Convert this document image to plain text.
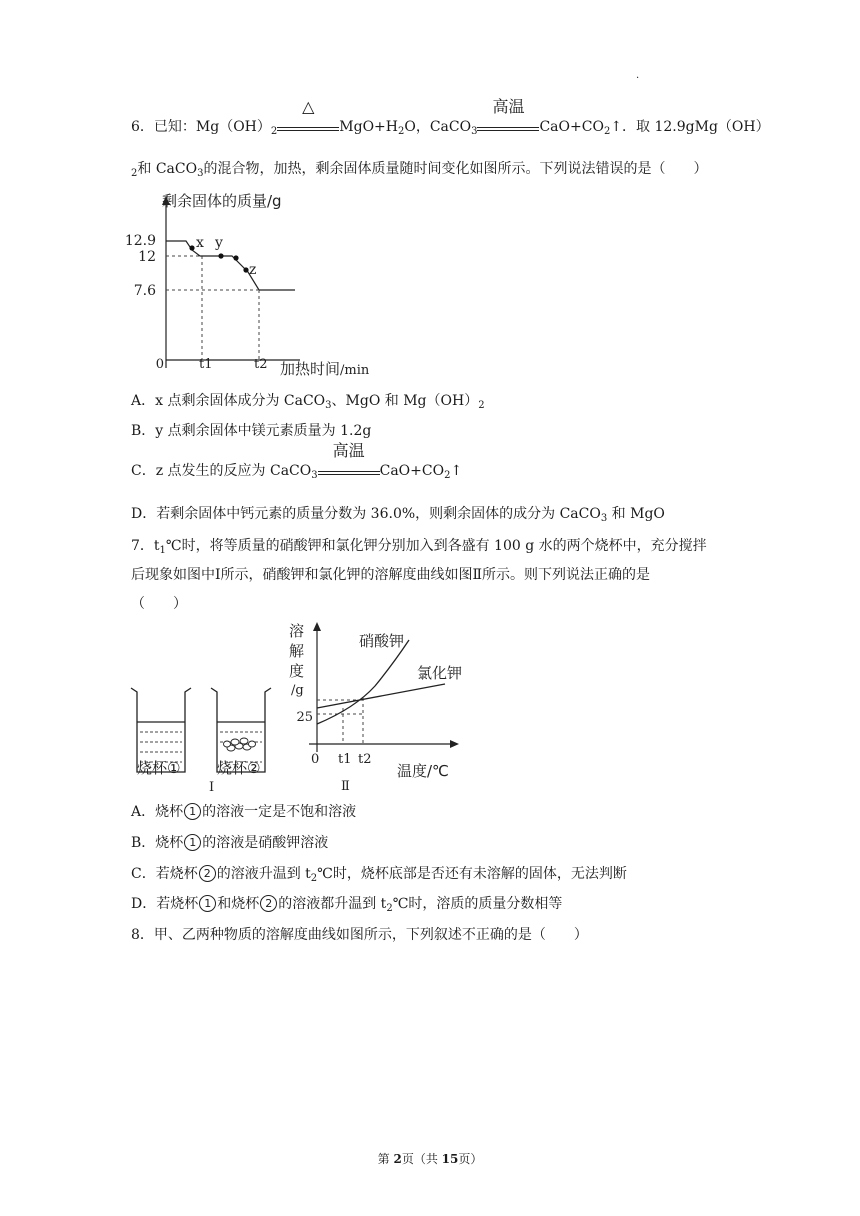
.
6．已知：$Mg(OH)_2$
△
$MgO+H_2O$，CaCO$_3$
高温
$CaO+CO_2↑$．取 12.9gMg（OH）
$_2$和 CaCO$_3$的混合物，加热，剩余固体质量随时间变化如图所示。下列说法错误的是（　　）
剩余固体的质量/g
12.9
12
7.6
x y
z
0	t1	t2 加热时间/min
A．x 点剩余固体成分为 CaCO$_3$、MgO 和 $Mg(OH)_2$
B．y 点剩余固体中镁元素质量为 1.2g
C．z 点发生的反应为 CaCO$_3$
高温
$CaO+CO_2↑$
D．若剩余固体中钙元素的质量分数为 36.0%，则剩余固体的成分为 CaCO$_3$ 和 MgO
7．$t_1℃$时，将等质量的硝酸钾和氯化钾分别加入到各盛有 100 g 水的两个烧杯中，充分搅拌
后现象如图中Ⅰ所示，硝酸钾和氯化钾的溶解度曲线如图Ⅱ所示。则下列说法正确的是
（　　）
烧杯① 烧杯②
Ⅰ
溶
解
度
/g
25
硝酸钾
氯化钾
0 t1 t2
温度/℃
Ⅱ
A．烧杯 1 的溶液一定是不饱和溶液
B．烧杯 1 的溶液是硝酸钾溶液
C．若烧杯 2 的溶液升温到 $t_2℃$时，烧杯底部是否还有未溶解的固体，无法判断
D．若烧杯 1 和烧杯 2 的溶液都升温到 $t_2℃$时，溶质的质量分数相等
8．甲、乙两种物质的溶解度曲线如图所示，下列叙述不正确的是（　　）
第 2页（共 15页）
